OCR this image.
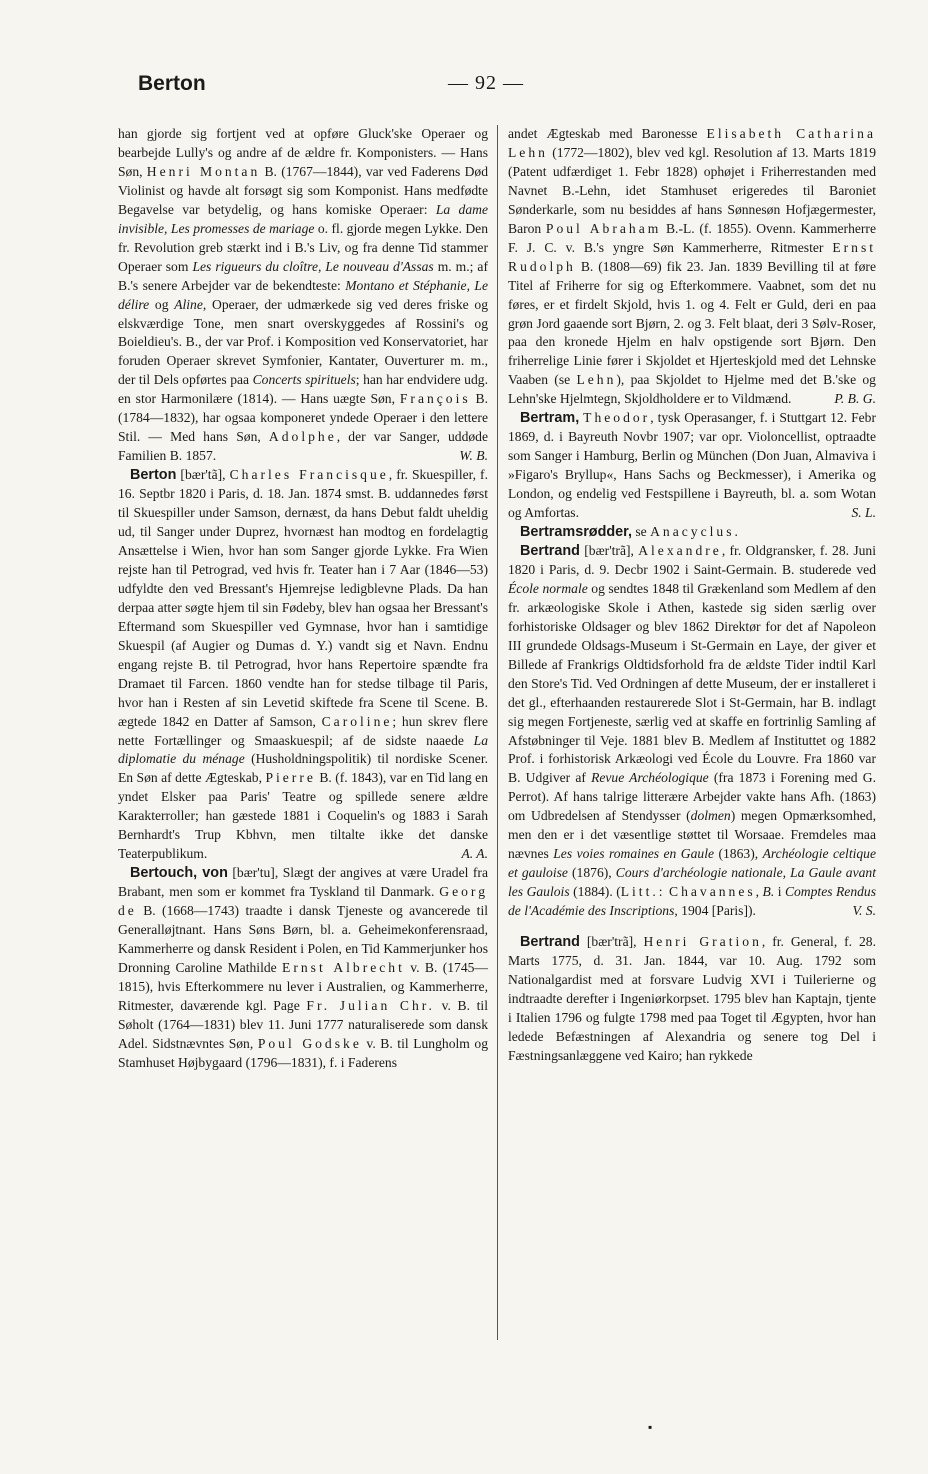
Berton	— 92 —

han gjorde sig fortjent ved at opføre Gluck'ske Operaer og bearbejde Lully's og andre af de ældre fr. Komponisters. — Hans Søn, Henri Montan B. (1767—1844), var ved Faderens Død Violinist og havde alt forsøgt sig som Komponist. Hans medfødte Begavelse var betydelig, og hans komiske Operaer: La dame invisible, Les promesses de mariage o. fl. gjorde megen Lykke. Den fr. Revolution greb stærkt ind i B.'s Liv, og fra denne Tid stammer Operaer som Les rigueurs du cloître, Le nouveau d'Assas m. m.; af B.'s senere Arbejder var de bekendteste: Montano et Stéphanie, Le délire og Aline, Operaer, der udmærkede sig ved deres friske og elskværdige Tone, men snart overskyggedes af Rossini's og Boieldieu's. B., der var Prof. i Komposition ved Konservatoriet, har foruden Operaer skrevet Symfonier, Kantater, Ouverturer m. m., der til Dels opførtes paa Concerts spirituels; han har endvidere udg. en stor Harmonilære (1814). — Hans uægte Søn, François B. (1784—1832), har ogsaa komponeret yndede Operaer i den lettere Stil. — Med hans Søn, Adolphe, der var Sanger, uddøde Familien B. 1857.	W. B.

Berton [bær'tã], Charles Francisque, fr. Skuespiller, f. 16. Septbr 1820 i Paris, d. 18. Jan. 1874 smst. B. uddannedes først til Skuespiller under Samson, dernæst, da hans Debut faldt uheldig ud, til Sanger under Duprez, hvornæst han modtog en fordelagtig Ansættelse i Wien, hvor han som Sanger gjorde Lykke. Fra Wien rejste han til Petrograd, ved hvis fr. Teater han i 7 Aar (1846—53) udfyldte den ved Bressant's Hjemrejse ledigblevne Plads. Da han derpaa atter søgte hjem til sin Fødeby, blev han ogsaa her Bressant's Eftermand som Skuespiller ved Gymnase, hvor han i samtidige Skuespil (af Augier og Dumas d. Y.) vandt sig et Navn. Endnu engang rejste B. til Petrograd, hvor hans Repertoire spændte fra Dramaet til Farcen. 1860 vendte han for stedse tilbage til Paris, hvor han i Resten af sin Levetid skiftede fra Scene til Scene. B. ægtede 1842 en Datter af Samson, Caroline; hun skrev flere nette Fortællinger og Smaaskuespil; af de sidste naaede La diplomatie du ménage (Husholdningspolitik) til nordiske Scener. En Søn af dette Ægteskab, Pierre B. (f. 1843), var en Tid lang en yndet Elsker paa Paris' Teatre og spillede senere ældre Karakterroller; han gæstede 1881 i Coquelin's og 1883 i Sarah Bernhardt's Trup Kbhvn, men tiltalte ikke det danske Teaterpublikum.	A. A.

Bertouch, von [bær'tu], Slægt der angives at være Uradel fra Brabant, men som er kommet fra Tyskland til Danmark. Georg de B. (1668—1743) traadte i dansk Tjeneste og avancerede til Generalløjtnant. Hans Søns Børn, bl. a. Geheimekonferensraad, Kammerherre og dansk Resident i Polen, en Tid Kammerjunker hos Dronning Caroline Mathilde Ernst Albrecht v. B. (1745—1815), hvis Efterkommere nu lever i Australien, og Kammerherre, Ritmester, daværende kgl. Page Fr. Julian Chr. v. B. til Søholt (1764—1831) blev 11. Juni 1777 naturaliserede som dansk Adel. Sidstnævntes Søn, Poul Godske v. B. til Lungholm og Stamhuset Højbygaard (1796—1831), f. i Faderens

andet Ægteskab med Baronesse Elisabeth Catharina Lehn (1772—1802), blev ved kgl. Resolution af 13. Marts 1819 (Patent udfærdiget 1. Febr 1828) ophøjet i Friherrestanden med Navnet B.-Lehn, idet Stamhuset erigeredes til Baroniet Sønderkarle, som nu besiddes af hans Sønnesøn Hofjægermester, Baron Poul Abraham B.-L. (f. 1855). Ovenn. Kammerherre F. J. C. v. B.'s yngre Søn Kammerherre, Ritmester Ernst Rudolph B. (1808—69) fik 23. Jan. 1839 Bevilling til at føre Titel af Friherre for sig og Efterkommere. Vaabnet, som det nu føres, er et firdelt Skjold, hvis 1. og 4. Felt er Guld, deri en paa grøn Jord gaaende sort Bjørn, 2. og 3. Felt blaat, deri 3 Sølv-Roser, paa den kronede Hjelm en halv opstigende sort Bjørn. Den friherrelige Linie fører i Skjoldet et Hjerteskjold med det Lehnske Vaaben (se Lehn), paa Skjoldet to Hjelme med det B.'ske og Lehn'ske Hjelmtegn, Skjoldholdere er to Vildmænd.	P. B. G.

Bertram, Theodor, tysk Operasanger, f. i Stuttgart 12. Febr 1869, d. i Bayreuth Novbr 1907; var opr. Violoncellist, optraadte som Sanger i Hamburg, Berlin og München (Don Juan, Almaviva i »Figaro's Bryllup«, Hans Sachs og Beckmesser), i Amerika og London, og endelig ved Festspillene i Bayreuth, bl. a. som Wotan og Amfortas.	S. L.

Bertramsrødder, se Anacyclus.

Bertrand [bær'trã], Alexandre, fr. Oldgransker, f. 28. Juni 1820 i Paris, d. 9. Decbr 1902 i Saint-Germain. B. studerede ved École normale og sendtes 1848 til Grækenland som Medlem af den fr. arkæologiske Skole i Athen, kastede sig siden særlig over forhistoriske Oldsager og blev 1862 Direktør for det af Napoleon III grundede Oldsags-Museum i St-Germain en Laye, der giver et Billede af Frankrigs Oldtidsforhold fra de ældste Tider indtil Karl den Store's Tid. Ved Ordningen af dette Museum, der er installeret i det gl., efterhaanden restaurerede Slot i St-Germain, har B. indlagt sig megen Fortjeneste, særlig ved at skaffe en fortrinlig Samling af Afstøbninger til Veje. 1881 blev B. Medlem af Instituttet og 1882 Prof. i forhistorisk Arkæologi ved École du Louvre. Fra 1860 var B. Udgiver af Revue Archéologique (fra 1873 i Forening med G. Perrot). Af hans talrige litterære Arbejder vakte hans Afh. (1863) om Udbredelsen af Stendysser (dolmen) megen Opmærksomhed, men den er i det væsentlige støttet til Worsaae. Fremdeles maa nævnes Les voies romaines en Gaule (1863), Archéologie celtique et gauloise (1876), Cours d'archéologie nationale, La Gaule avant les Gaulois (1884). (Litt.: Chavannes, B. i Comptes Rendus de l'Académie des Inscriptions, 1904 [Paris]).	V. S.

Bertrand [bær'trã], Henri Gration, fr. General, f. 28. Marts 1775, d. 31. Jan. 1844, var 10. Aug. 1792 som Nationalgardist med at forsvare Ludvig XVI i Tuilerierne og indtraadte derefter i Ingeniørkorpset. 1795 blev han Kaptajn, tjente i Italien 1796 og fulgte 1798 med paa Toget til Ægypten, hvor han ledede Befæstningen af Alexandria og senere tog Del i Fæstningsanlæggene ved Kairo; han rykkede

▪
